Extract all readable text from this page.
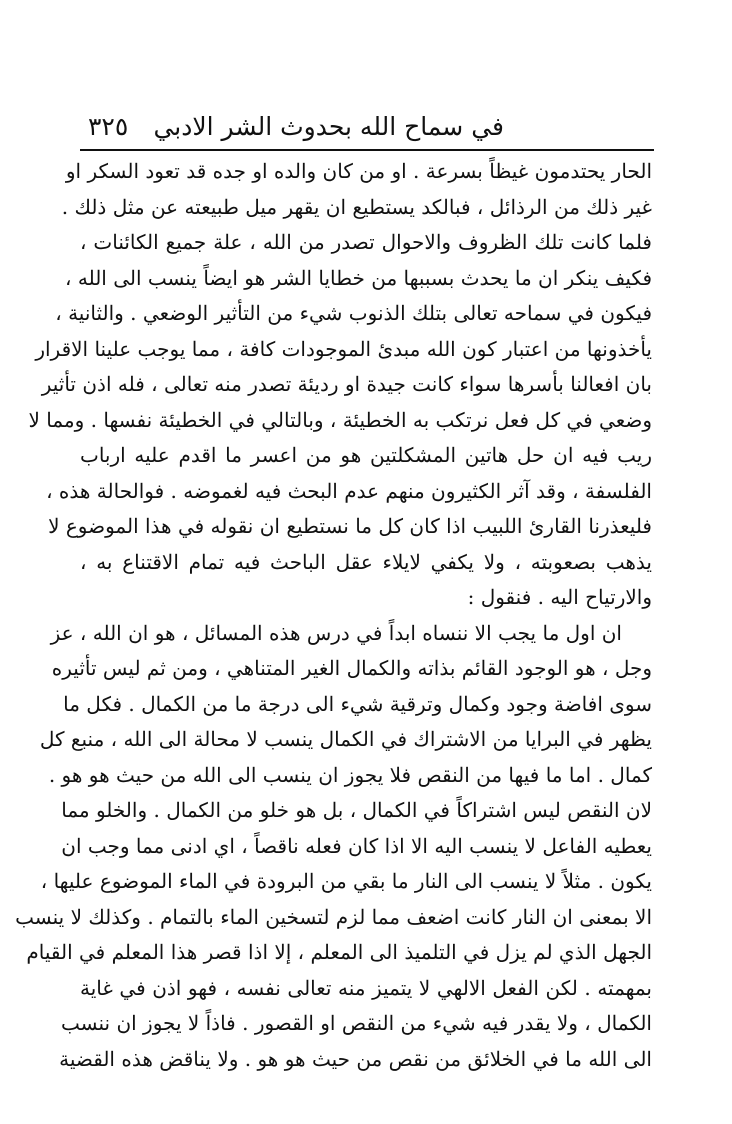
في سماح الله بحدوث الشر الادبي
٣٢٥
الحار يحتدمون غيظاً بسرعة . او من كان والده او جده قد تعود السكر او
غير ذلك من الرذائل ، فبالكد يستطيع ان يقهر ميل طبيعته عن مثل ذلك .
فلما كانت تلك الظروف والاحوال تصدر من الله ، علة جميع الكائنات ،
فكيف ينكر ان ما يحدث بسببها من خطايا الشر هو ايضاً ينسب الى الله ،
فيكون في سماحه تعالى بتلك الذنوب شيء من التأثير الوضعي . والثانية ،
يأخذونها من اعتبار كون الله مبدئ الموجودات كافة ، مما يوجب علينا الاقرار
بان افعالنا بأسرها سواء كانت جيدة او رديئة تصدر منه تعالى ، فله اذن تأثير
وضعي في كل فعل نرتكب به الخطيئة ، وبالتالي في الخطيئة نفسها . ومما لا
ريب فيه ان حل هاتين المشكلتين هو من اعسر ما اقدم عليه ارباب
الفلسفة ، وقد آثر الكثيرون منهم عدم البحث فيه لغموضه . فوالحالة هذه ،
فليعذرنا القارئ اللبيب اذا كان كل ما نستطيع ان نقوله في هذا الموضوع لا
يذهب بصعوبته ، ولا يكفي لايلاء عقل الباحث فيه تمام الاقتناع به ،
والارتياح اليه . فنقول :
ان اول ما يجب الا ننساه ابداً في درس هذه المسائل ، هو ان الله ، عز
وجل ، هو الوجود القائم بذاته والكمال الغير المتناهي ، ومن ثم ليس تأثيره
سوى افاضة وجود وكمال وترقية شيء الى درجة ما من الكمال . فكل ما
يظهر في البرايا من الاشتراك في الكمال ينسب لا محالة الى الله ، منبع كل
كمال . اما ما فيها من النقص فلا يجوز ان ينسب الى الله من حيث هو هو .
لان النقص ليس اشتراكاً في الكمال ، بل هو خلو من الكمال . والخلو مما
يعطيه الفاعل لا ينسب اليه الا اذا كان فعله ناقصاً ، اي ادنى مما وجب ان
يكون . مثلاً لا ينسب الى النار ما بقي من البرودة في الماء الموضوع عليها ،
الا بمعنى ان النار كانت اضعف مما لزم لتسخين الماء بالتمام . وكذلك لا ينسب
الجهل الذي لم يزل في التلميذ الى المعلم ، إلا اذا قصر هذا المعلم في القيام
بمهمته . لكن الفعل الالهي لا يتميز منه تعالى نفسه ، فهو اذن في غاية
الكمال ، ولا يقدر فيه شيء من النقص او القصور . فاذاً لا يجوز ان ننسب
الى الله ما في الخلائق من نقص من حيث هو هو . ولا يناقض هذه القضية
